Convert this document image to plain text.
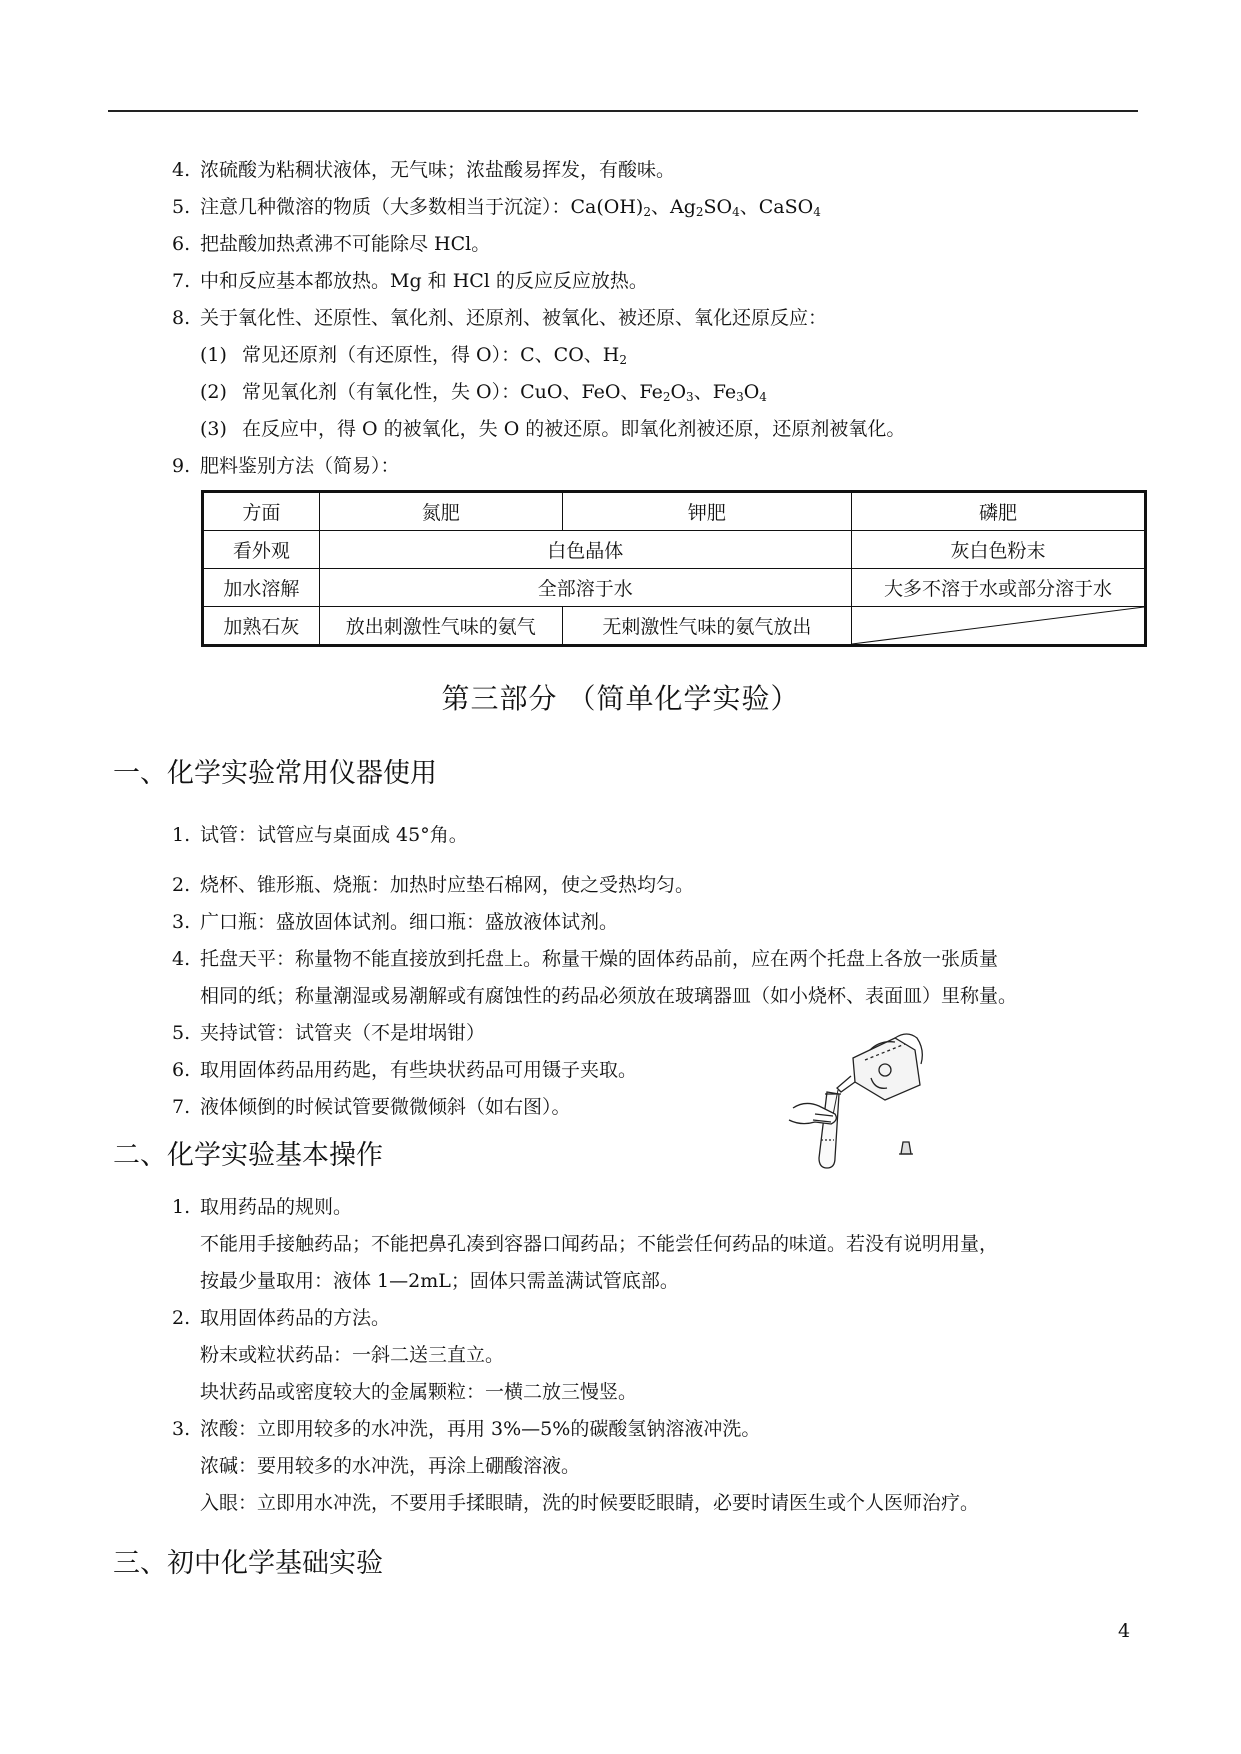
4. 浓硫酸为粘稠状液体，无气味；浓盐酸易挥发，有酸味。
5. 注意几种微溶的物质（大多数相当于沉淀）：$Ca(OH)_2$、$Ag_2SO_4$、CaSO$_4$
6. 把盐酸加热煮沸不可能除尽 HCl。
7. 中和反应基本都放热。Mg 和 HCl 的反应反应放热。
8. 关于氧化性、还原性、氧化剂、还原剂、被氧化、被还原、氧化还原反应：
(1) 常见还原剂（有还原性，得 O）：C、CO、$H_2$
(2) 常见氧化剂（有氧化性，失 O）：CuO、FeO、$Fe_2O_3$、$Fe_3O_4$
(3) 在反应中，得 O 的被氧化，失 O 的被还原。即氧化剂被还原，还原剂被氧化。
9. 肥料鉴别方法（简易）：
方面	氮肥	钾肥	磷肥
看外观	白色晶体		灰白色粉末
加水溶解	全部溶于水		大多不溶于水或部分溶于水
加熟石灰	放出刺激性气味的氨气	无刺激性气味的氨气放出	
第三部分 （简单化学实验）
一、化学实验常用仪器使用
1. 试管：试管应与桌面成 45°角。
2. 烧杯、锥形瓶、烧瓶：加热时应垫石棉网，使之受热均匀。
3. 广口瓶：盛放固体试剂。细口瓶：盛放液体试剂。
4. 托盘天平：称量物不能直接放到托盘上。称量干燥的固体药品前，应在两个托盘上各放一张质量
相同的纸；称量潮湿或易潮解或有腐蚀性的药品必须放在玻璃器皿（如小烧杯、表面皿）里称量。
5. 夹持试管：试管夹（不是坩埚钳）
6. 取用固体药品用药匙，有些块状药品可用镊子夹取。
7. 液体倾倒的时候试管要微微倾斜（如右图）。
二、化学实验基本操作
1. 取用药品的规则。
不能用手接触药品；不能把鼻孔凑到容器口闻药品；不能尝任何药品的味道。若没有说明用量，
按最少量取用：液体 1—2mL；固体只需盖满试管底部。
2. 取用固体药品的方法。
粉末或粒状药品：一斜二送三直立。
块状药品或密度较大的金属颗粒：一横二放三慢竖。
3. 浓酸：立即用较多的水冲洗，再用 3%—5%的碳酸氢钠溶液冲洗。
浓碱：要用较多的水冲洗，再涂上硼酸溶液。
入眼：立即用水冲洗，不要用手揉眼睛，洗的时候要眨眼睛，必要时请医生或个人医师治疗。
三、初中化学基础实验
4
